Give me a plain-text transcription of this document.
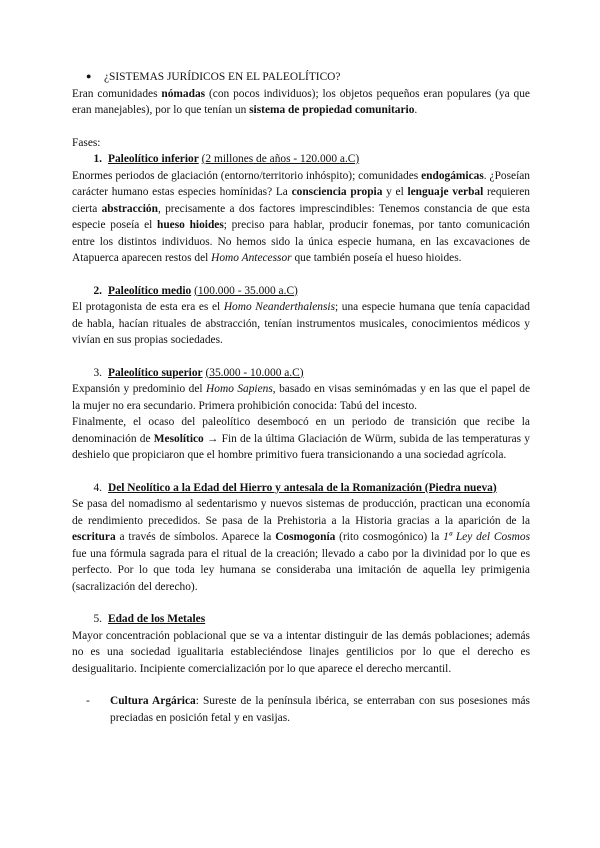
● ¿SISTEMAS JURÍDICOS EN EL PALEOLÍTICO?

Eran comunidades nómadas (con pocos individuos); los objetos pequeños eran populares (ya que eran manejables), por lo que tenían un sistema de propiedad comunitario.

Fases:

1. Paleolítico inferior (2 millones de años - 120.000 a.C)

Enormes periodos de glaciación (entorno/territorio inhóspito); comunidades endogámicas. ¿Poseían carácter humano estas especies homínidas? La consciencia propia y el lenguaje verbal requieren cierta abstracción, precisamente a dos factores imprescindibles: Tenemos constancia de que esta especie poseía el hueso hioides; preciso para hablar, producir fonemas, por tanto comunicación entre los distintos individuos. No hemos sido la única especie humana, en las excavaciones de Atapuerca aparecen restos del Homo Antecessor que también poseía el hueso hioides.

2. Paleolítico medio (100.000 - 35.000 a.C)

El protagonista de esta era es el Homo Neanderthalensis; una especie humana que tenía capacidad de habla, hacían rituales de abstracción, tenían instrumentos musicales, conocimientos médicos y vivían en sus propias sociedades.

3. Paleolítico superior (35.000 - 10.000 a.C)

Expansión y predominio del Homo Sapiens, basado en visas seminómadas y en las que el papel de la mujer no era secundario. Primera prohibición conocida: Tabú del incesto.

Finalmente, el ocaso del paleolítico desembocó en un periodo de transición que recibe la denominación de Mesolítico → Fin de la última Glaciación de Würm, subida de las temperaturas y deshielo que propiciaron que el hombre primitivo fuera transicionando a una sociedad agrícola.

4. Del Neolítico a la Edad del Hierro y antesala de la Romanización (Piedra nueva)

Se pasa del nomadismo al sedentarismo y nuevos sistemas de producción, practican una economía de rendimiento precedidos. Se pasa de la Prehistoria a la Historia gracias a la aparición de la escritura a través de símbolos. Aparece la Cosmogonía (rito cosmogónico) la 1ª Ley del Cosmos fue una fórmula sagrada para el ritual de la creación; llevado a cabo por la divinidad por lo que es perfecto. Por lo que toda ley humana se consideraba una imitación de aquella ley primigenia (sacralización del derecho).

5. Edad de los Metales

Mayor concentración poblacional que se va a intentar distinguir de las demás poblaciones; además no es una sociedad igualitaria estableciéndose linajes gentilicios por lo que el derecho es desigualitario. Incipiente comercialización por lo que aparece el derecho mercantil.

-	Cultura Argárica: Sureste de la península ibérica, se enterraban con sus posesiones más preciadas en posición fetal y en vasijas.
